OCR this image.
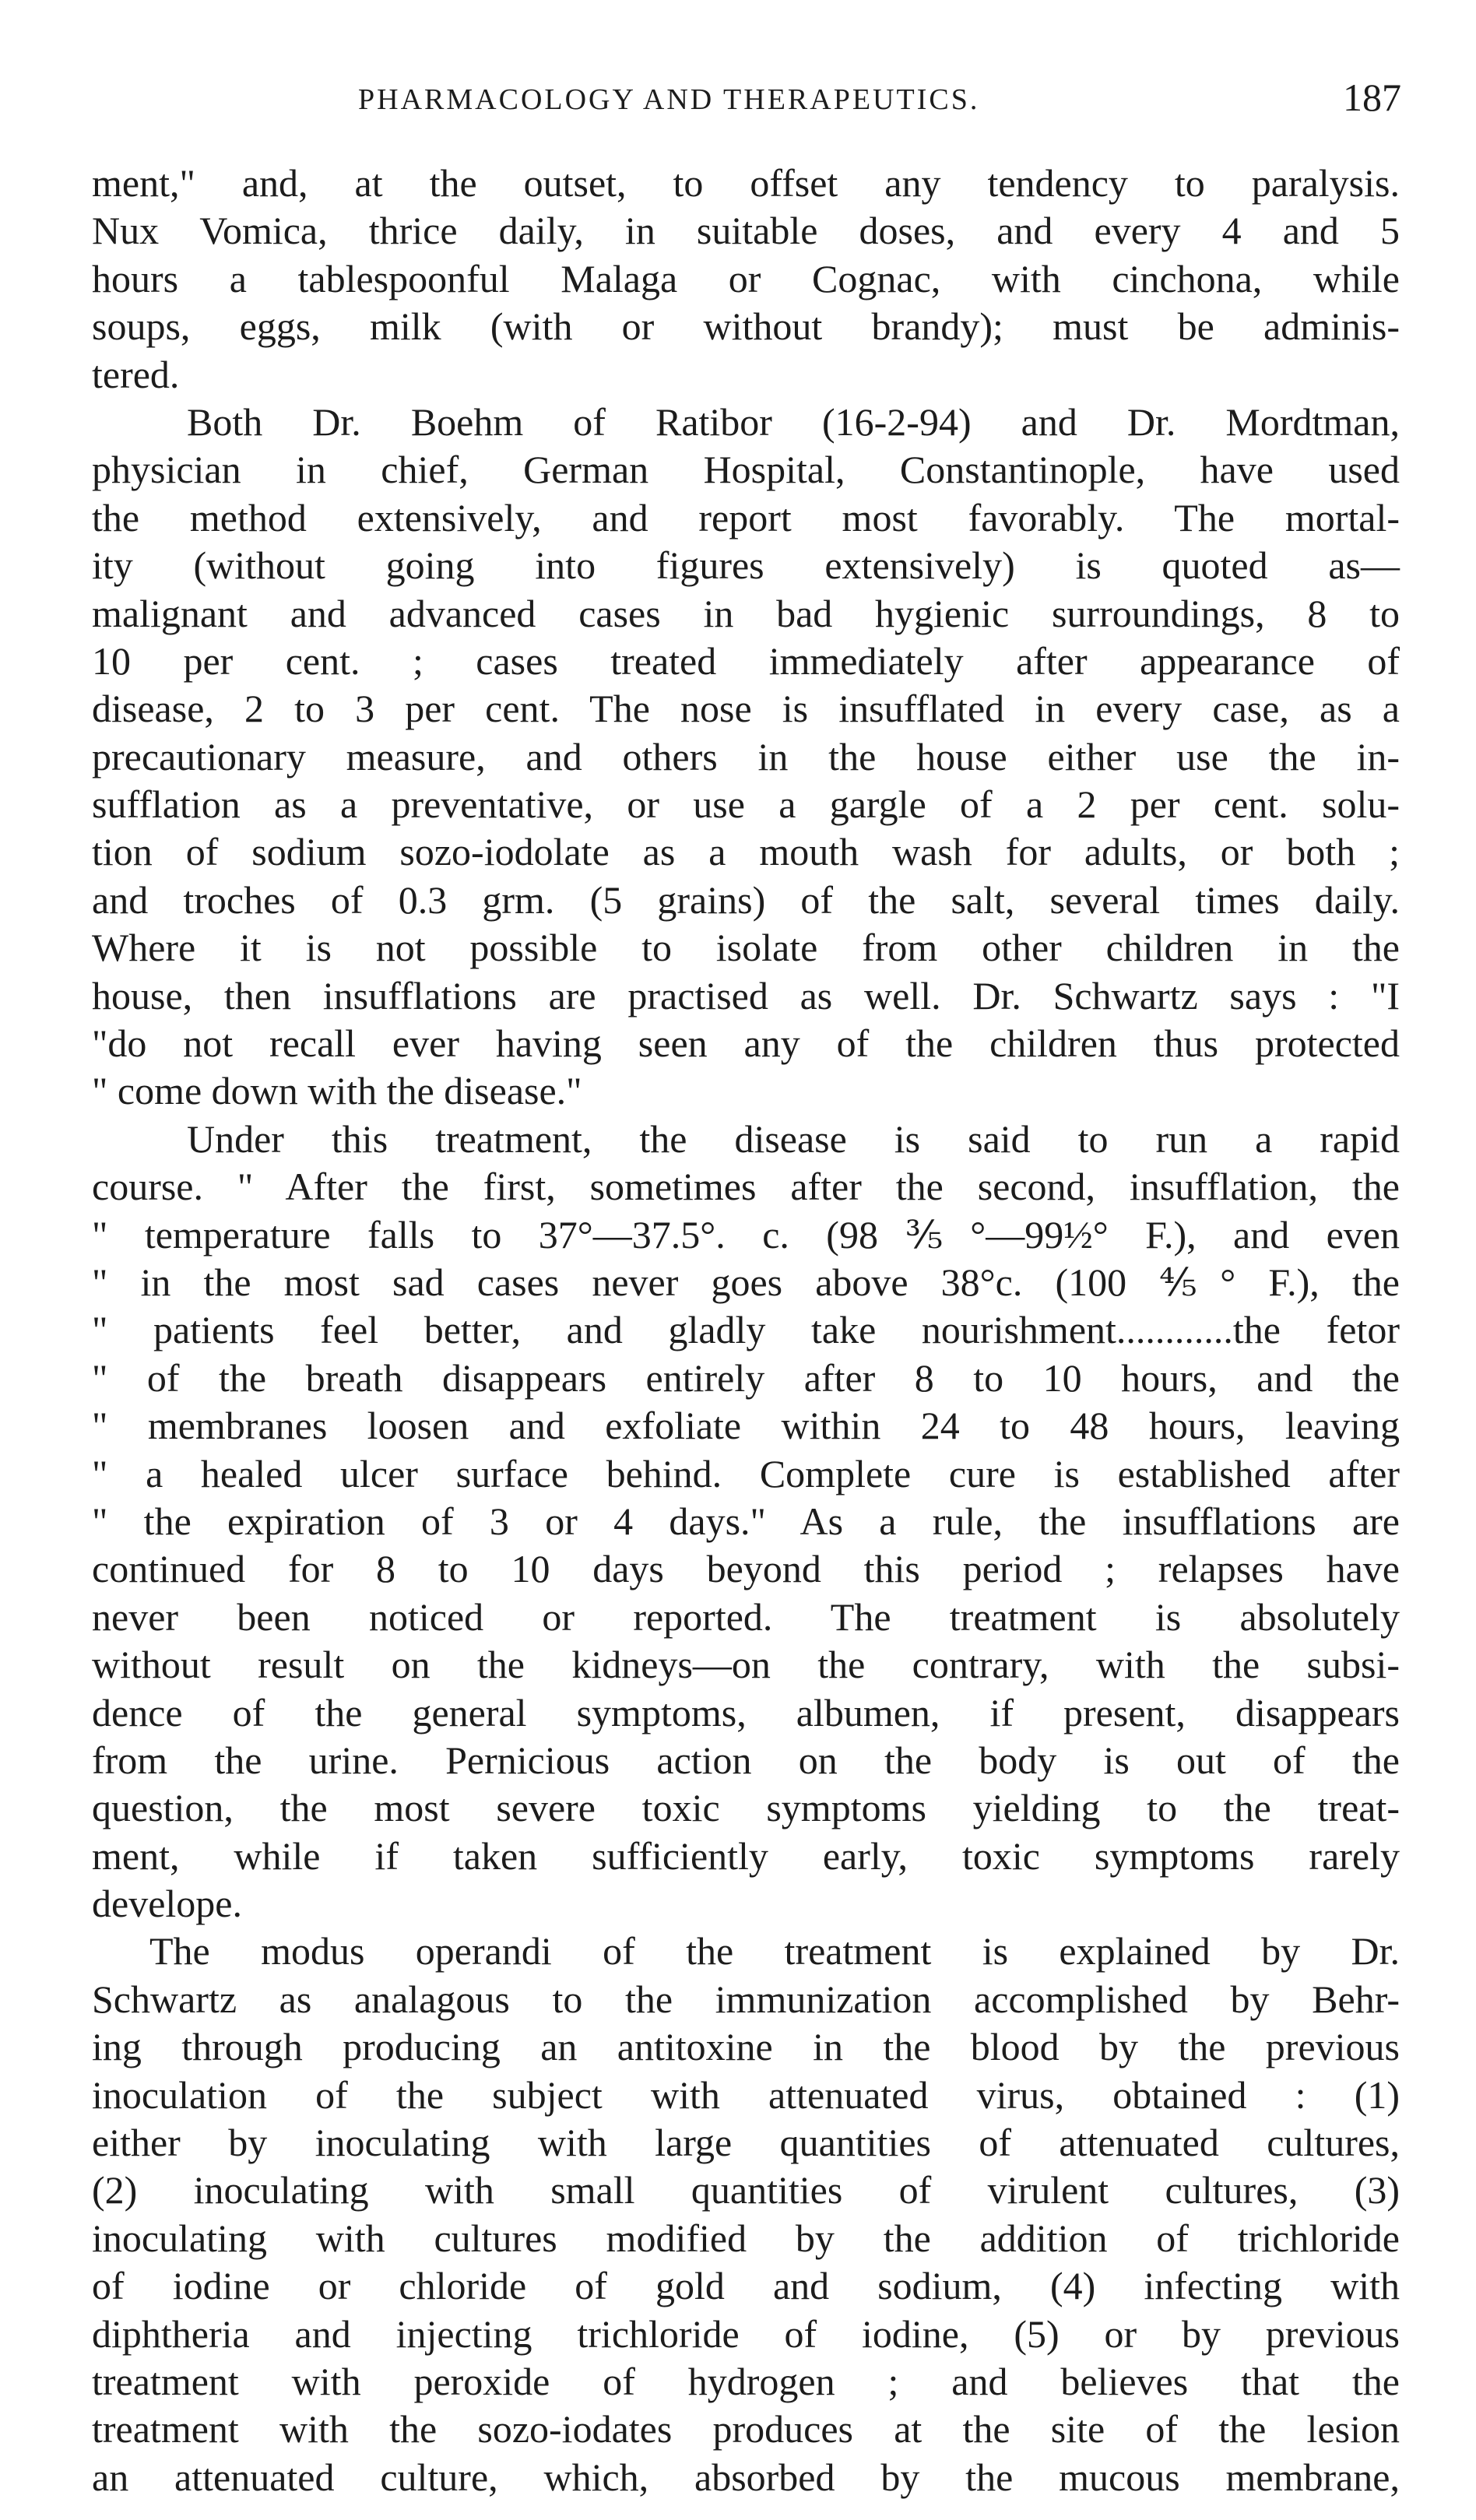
PHARMACOLOGY AND THERAPEUTICS.	187
ment," and, at the outset, to offset any tendency to paralysis.
Nux Vomica, thrice daily, in suitable doses, and every 4 and 5
hours a tablespoonful Malaga or Cognac, with cinchona, while
soups, eggs, milk (with or without brandy); must be adminis-
tered.
Both Dr. Boehm of Ratibor (16-2-94) and Dr. Mordtman,
physician in chief, German Hospital, Constantinople, have used
the method extensively, and report most favorably. The mortal-
ity (without going into figures extensively) is quoted as—
malignant and advanced cases in bad hygienic surroundings, 8 to
10 per cent. ; cases treated immediately after appearance of
disease, 2 to 3 per cent. The nose is insufflated in every case, as a
precautionary measure, and others in the house either use the in-
sufflation as a preventative, or use a gargle of a 2 per cent. solu-
tion of sodium sozo-iodolate as a mouth wash for adults, or both ;
and troches of 0.3 grm. (5 grains) of the salt, several times daily.
Where it is not possible to isolate from other children in the
house, then insufflations are practised as well. Dr. Schwartz says : "I
"do not recall ever having seen any of the children thus protected
" come down with the disease."
Under this treatment, the disease is said to run a rapid
course. " After the first, sometimes after the second, insufflation, the
" temperature falls to 37°—37.5°. c. (98⅗°—99½° F.), and even
" in the most sad cases never goes above 38°c. (100 ⅘° F.), the
" patients feel better, and gladly take nourishment............the fetor
" of the breath disappears entirely after 8 to 10 hours, and the
" membranes loosen and exfoliate within 24 to 48 hours, leaving
" a healed ulcer surface behind. Complete cure is established after
" the expiration of 3 or 4 days." As a rule, the insufflations are
continued for 8 to 10 days beyond this period ; relapses have
never been noticed or reported. The treatment is absolutely
without result on the kidneys—on the contrary, with the subsi-
dence of the general symptoms, albumen, if present, disappears
from the urine. Pernicious action on the body is out of the
question, the most severe toxic symptoms yielding to the treat-
ment, while if taken sufficiently early, toxic symptoms rarely
develope.
The modus operandi of the treatment is explained by Dr.
Schwartz as analagous to the immunization accomplished by Behr-
ing through producing an antitoxine in the blood by the previous
inoculation of the subject with attenuated virus, obtained : (1)
either by inoculating with large quantities of attenuated cultures,
(2) inoculating with small quantities of virulent cultures, (3)
inoculating with cultures modified by the addition of trichloride
of iodine or chloride of gold and sodium, (4) infecting with
diphtheria and injecting trichloride of iodine, (5) or by previous
treatment with peroxide of hydrogen ; and believes that the
treatment with the sozo-iodates produces at the site of the lesion
an attenuated culture, which, absorbed by the mucous membrane,
